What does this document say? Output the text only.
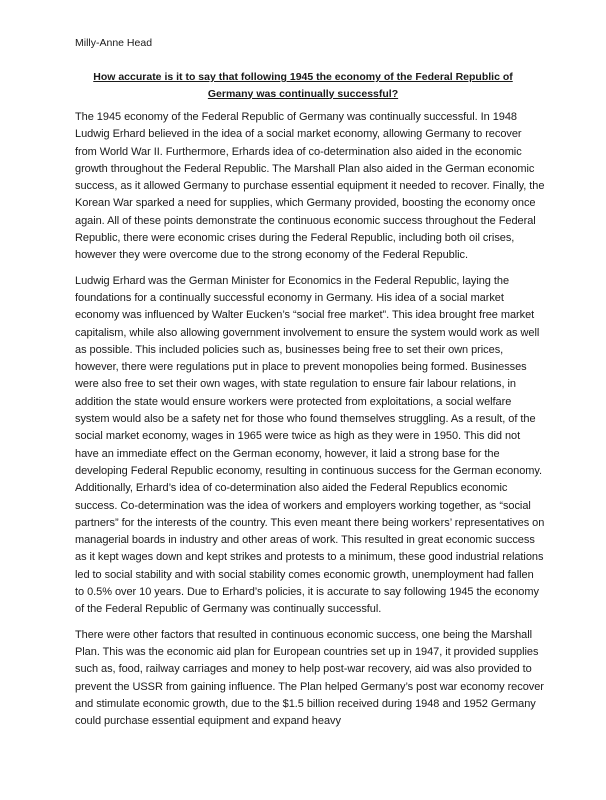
Milly-Anne Head
How accurate is it to say that following 1945 the economy of the Federal Republic of Germany was continually successful?

The 1945 economy of the Federal Republic of Germany was continually successful. In 1948 Ludwig Erhard believed in the idea of a social market economy, allowing Germany to recover from World War II. Furthermore, Erhards idea of co-determination also aided in the economic growth throughout the Federal Republic. The Marshall Plan also aided in the German economic success, as it allowed Germany to purchase essential equipment it needed to recover. Finally, the Korean War sparked a need for supplies, which Germany provided, boosting the economy once again. All of these points demonstrate the continuous economic success throughout the Federal Republic, there were economic crises during the Federal Republic, including both oil crises, however they were overcome due to the strong economy of the Federal Republic.

Ludwig Erhard was the German Minister for Economics in the Federal Republic, laying the foundations for a continually successful economy in Germany. His idea of a social market economy was influenced by Walter Eucken’s “social free market”. This idea brought free market capitalism, while also allowing government involvement to ensure the system would work as well as possible. This included policies such as, businesses being free to set their own prices, however, there were regulations put in place to prevent monopolies being formed. Businesses were also free to set their own wages, with state regulation to ensure fair labour relations, in addition the state would ensure workers were protected from exploitations, a social welfare system would also be a safety net for those who found themselves struggling. As a result, of the social market economy, wages in 1965 were twice as high as they were in 1950. This did not have an immediate effect on the German economy, however, it laid a strong base for the developing Federal Republic economy, resulting in continuous success for the German economy. Additionally, Erhard’s idea of co-determination also aided the Federal Republics economic success. Co-determination was the idea of workers and employers working together, as “social partners” for the interests of the country. This even meant there being workers’ representatives on managerial boards in industry and other areas of work. This resulted in great economic success as it kept wages down and kept strikes and protests to a minimum, these good industrial relations led to social stability and with social stability comes economic growth, unemployment had fallen to 0.5% over 10 years. Due to Erhard’s policies, it is accurate to say following 1945 the economy of the Federal Republic of Germany was continually successful.

There were other factors that resulted in continuous economic success, one being the Marshall Plan. This was the economic aid plan for European countries set up in 1947, it provided supplies such as, food, railway carriages and money to help post-war recovery, aid was also provided to prevent the USSR from gaining influence. The Plan helped Germany’s post war economy recover and stimulate economic growth, due to the $1.5 billion received during 1948 and 1952 Germany could purchase essential equipment and expand heavy
